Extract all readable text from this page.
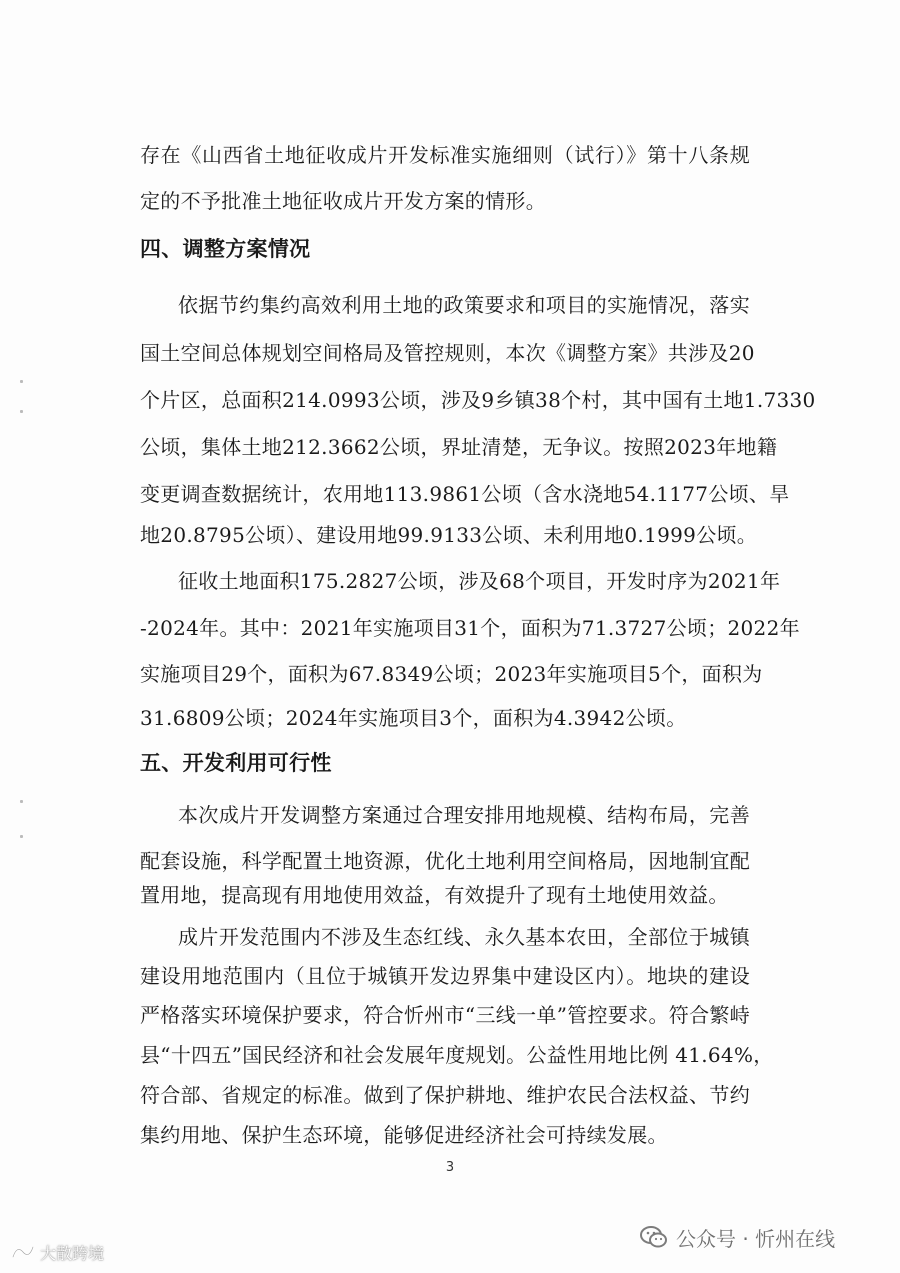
存在《山西省土地征收成片开发标准实施细则（试行）》第十八条规
定的不予批准土地征收成片开发方案的情形。
四、调整方案情况
依据节约集约高效利用土地的政策要求和项目的实施情况，落实
国土空间总体规划空间格局及管控规则，本次《调整方案》共涉及20
个片区，总面积214.0993公顷，涉及9乡镇38个村，其中国有土地1.7330
公顷，集体土地212.3662公顷，界址清楚，无争议。按照2023年地籍
变更调查数据统计，农用地113.9861公顷（含水浇地54.1177公顷、旱
地20.8795公顷）、建设用地99.9133公顷、未利用地0.1999公顷。
征收土地面积175.2827公顷，涉及68个项目，开发时序为2021年
-2024年。其中：2021年实施项目31个，面积为71.3727公顷；2022年
实施项目29个，面积为67.8349公顷；2023年实施项目5个，面积为
31.6809公顷；2024年实施项目3个，面积为4.3942公顷。
五、开发利用可行性
本次成片开发调整方案通过合理安排用地规模、结构布局，完善
配套设施，科学配置土地资源，优化土地利用空间格局，因地制宜配
置用地，提高现有用地使用效益，有效提升了现有土地使用效益。
成片开发范围内不涉及生态红线、永久基本农田，全部位于城镇
建设用地范围内（且位于城镇开发边界集中建设区内）。地块的建设
严格落实环境保护要求，符合忻州市“三线一单”管控要求。符合繁峙
县“十四五”国民经济和社会发展年度规划。公益性用地比例 41.64%，
符合部、省规定的标准。做到了保护耕地、维护农民合法权益、节约
集约用地、保护生态环境，能够促进经济社会可持续发展。
3
公众号 · 忻州在线
大散跨境
